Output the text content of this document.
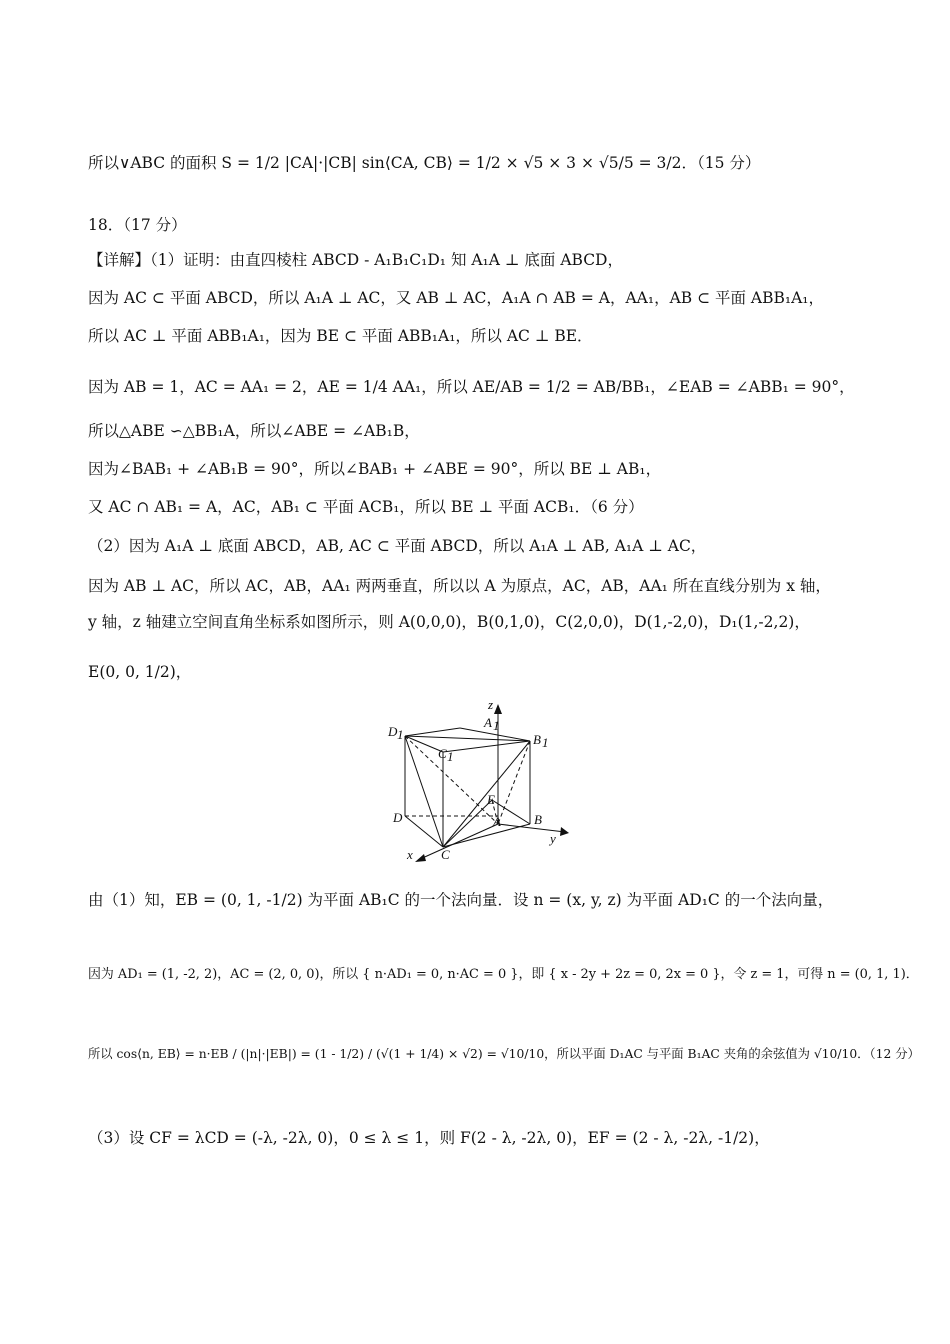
所以∨ABC 的面积 S = 1/2 |CA|·|CB| sin⟨CA, CB⟩ = 1/2 × √5 × 3 × √5/5 = 3/2．（15 分）
18．（17 分）
【详解】（1）证明：由直四棱柱 ABCD - A₁B₁C₁D₁ 知 A₁A ⊥ 底面 ABCD，
因为 AC ⊂ 平面 ABCD，所以 A₁A ⊥ AC，又 AB ⊥ AC，A₁A ∩ AB = A，AA₁，AB ⊂ 平面 ABB₁A₁，
所以 AC ⊥ 平面 ABB₁A₁，因为 BE ⊂ 平面 ABB₁A₁，所以 AC ⊥ BE．
因为 AB = 1，AC = AA₁ = 2，AE = 1/4 AA₁，所以 AE/AB = 1/2 = AB/BB₁，∠EAB = ∠ABB₁ = 90°，
所以△ABE ∽△BB₁A，所以∠ABE = ∠AB₁B，
因为∠BAB₁ + ∠AB₁B = 90°，所以∠BAB₁ + ∠ABE = 90°，所以 BE ⊥ AB₁，
又 AC ∩ AB₁ = A，AC，AB₁ ⊂ 平面 ACB₁，所以 BE ⊥ 平面 ACB₁．（6 分）
（2）因为 A₁A ⊥ 底面 ABCD，AB, AC ⊂ 平面 ABCD，所以 A₁A ⊥ AB, A₁A ⊥ AC，
因为 AB ⊥ AC，所以 AC，AB，AA₁ 两两垂直，所以以 A 为原点，AC，AB，AA₁ 所在直线分别为 x 轴，
y 轴，z 轴建立空间直角坐标系如图所示，则 A(0,0,0)，B(0,1,0)，C(2,0,0)，D(1,-2,0)，D₁(1,-2,2)，
E(0, 0, 1/2)，
z
A 1
D 1
C 1
B 1
E
A
D	B
y
x C
由（1）知，EB = (0, 1, -1/2) 为平面 AB₁C 的一个法向量．设 n = (x, y, z) 为平面 AD₁C 的一个法向量，
因为 AD₁ = (1, -2, 2)，AC = (2, 0, 0)，所以 { n·AD₁ = 0, n·AC = 0 }，即 { x - 2y + 2z = 0, 2x = 0 }，令 z = 1，可得 n = (0, 1, 1)．
所以 cos⟨n, EB⟩ = n·EB / (|n|·|EB|) = (1 - 1/2) / (√(1 + 1/4) × √2) = √10/10，所以平面 D₁AC 与平面 B₁AC 夹角的余弦值为 √10/10．（12 分）
（3）设 CF = λCD = (-λ, -2λ, 0)，0 ≤ λ ≤ 1，则 F(2 - λ, -2λ, 0)，EF = (2 - λ, -2λ, -1/2)，
